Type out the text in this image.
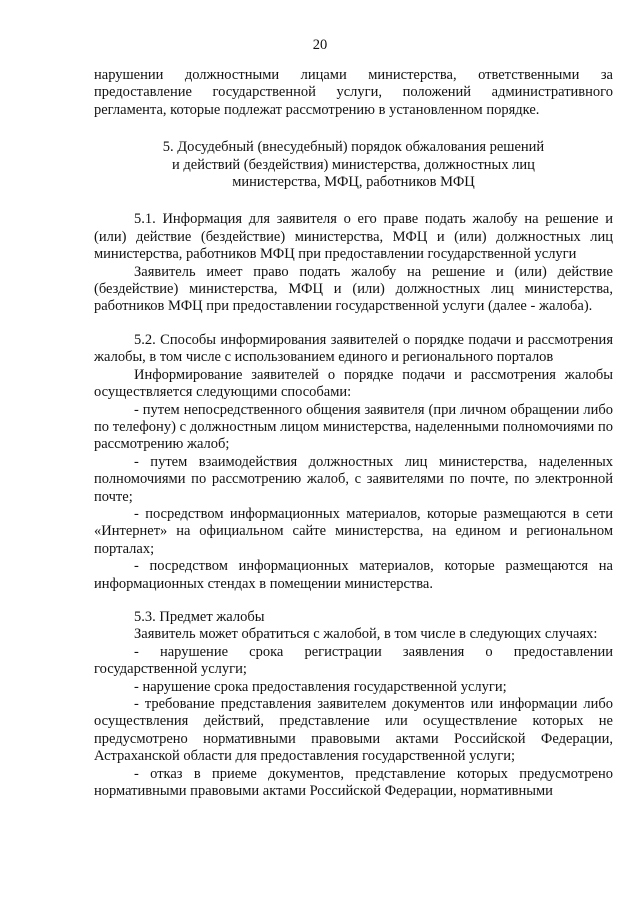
20

нарушении должностными лицами министерства, ответственными за предоставление государственной услуги, положений административного регламента, которые подлежат рассмотрению в установленном порядке.

5. Досудебный (внесудебный) порядок обжалования решений
и действий (бездействия) министерства, должностных лиц
министерства, МФЦ, работников МФЦ

5.1. Информация для заявителя о его праве подать жалобу на решение и (или) действие (бездействие) министерства, МФЦ и (или) должностных лиц министерства, работников МФЦ при предоставлении государственной услуги

Заявитель имеет право подать жалобу на решение и (или) действие (бездействие) министерства, МФЦ и (или) должностных лиц министерства, работников МФЦ при предоставлении государственной услуги (далее - жалоба).

5.2. Способы информирования заявителей о порядке подачи и рассмотрения жалобы, в том числе с использованием единого и регионального порталов

Информирование заявителей о порядке подачи и рассмотрения жалобы осуществляется следующими способами:

- путем непосредственного общения заявителя (при личном обращении либо по телефону) с должностным лицом министерства, наделенными полномочиями по рассмотрению жалоб;

- путем взаимодействия должностных лиц министерства, наделенных полномочиями по рассмотрению жалоб, с заявителями по почте, по электронной почте;

- посредством информационных материалов, которые размещаются в сети «Интернет» на официальном сайте министерства, на едином и региональном порталах;

- посредством информационных материалов, которые размещаются на информационных стендах в помещении министерства.

5.3. Предмет жалобы

Заявитель может обратиться с жалобой, в том числе в следующих случаях:

- нарушение срока регистрации заявления о предоставлении государственной услуги;

- нарушение срока предоставления государственной услуги;

- требование представления заявителем документов или информации либо осуществления действий, представление или осуществление которых не предусмотрено нормативными правовыми актами Российской Федерации, Астраханской области для предоставления государственной услуги;

- отказ в приеме документов, представление которых предусмотрено нормативными правовыми актами Российской Федерации, нормативными
